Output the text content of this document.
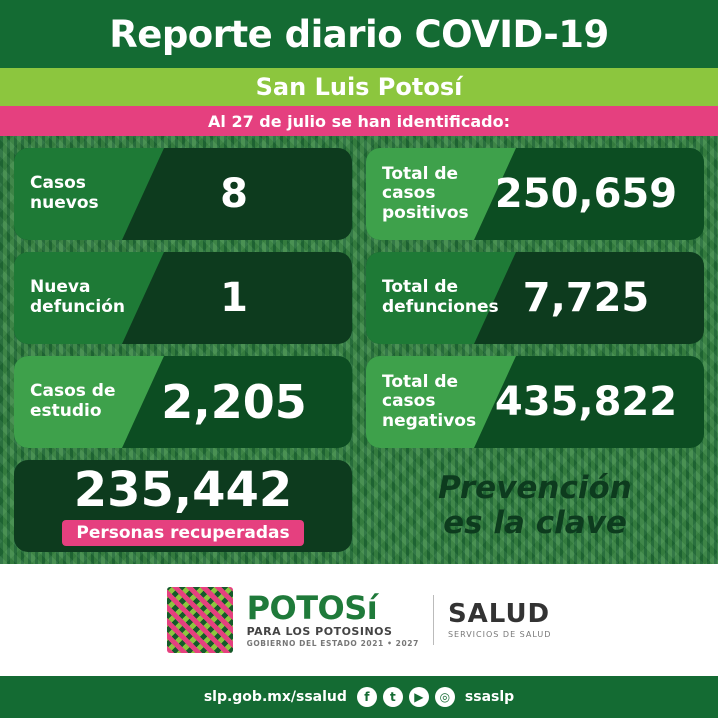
Reporte diario COVID-19
San Luis Potosí
Al 27 de julio se han identificado:
Casos nuevos	8	Total de casos positivos 250,659
Nueva defunción	1	Total de defunciones 7,725
Casos de estudio	2,205	Total de casos negativos 435,822
235,442
Personas recuperadas
Prevención
es la clave
POTOSí
PARA LOS POTOSINOS
GOBIERNO DEL ESTADO 2021 • 2027
SALUD
SERVICIOS DE SALUD
slp.gob.mx/ssalud	f	t	▶	◎	ssaslp
